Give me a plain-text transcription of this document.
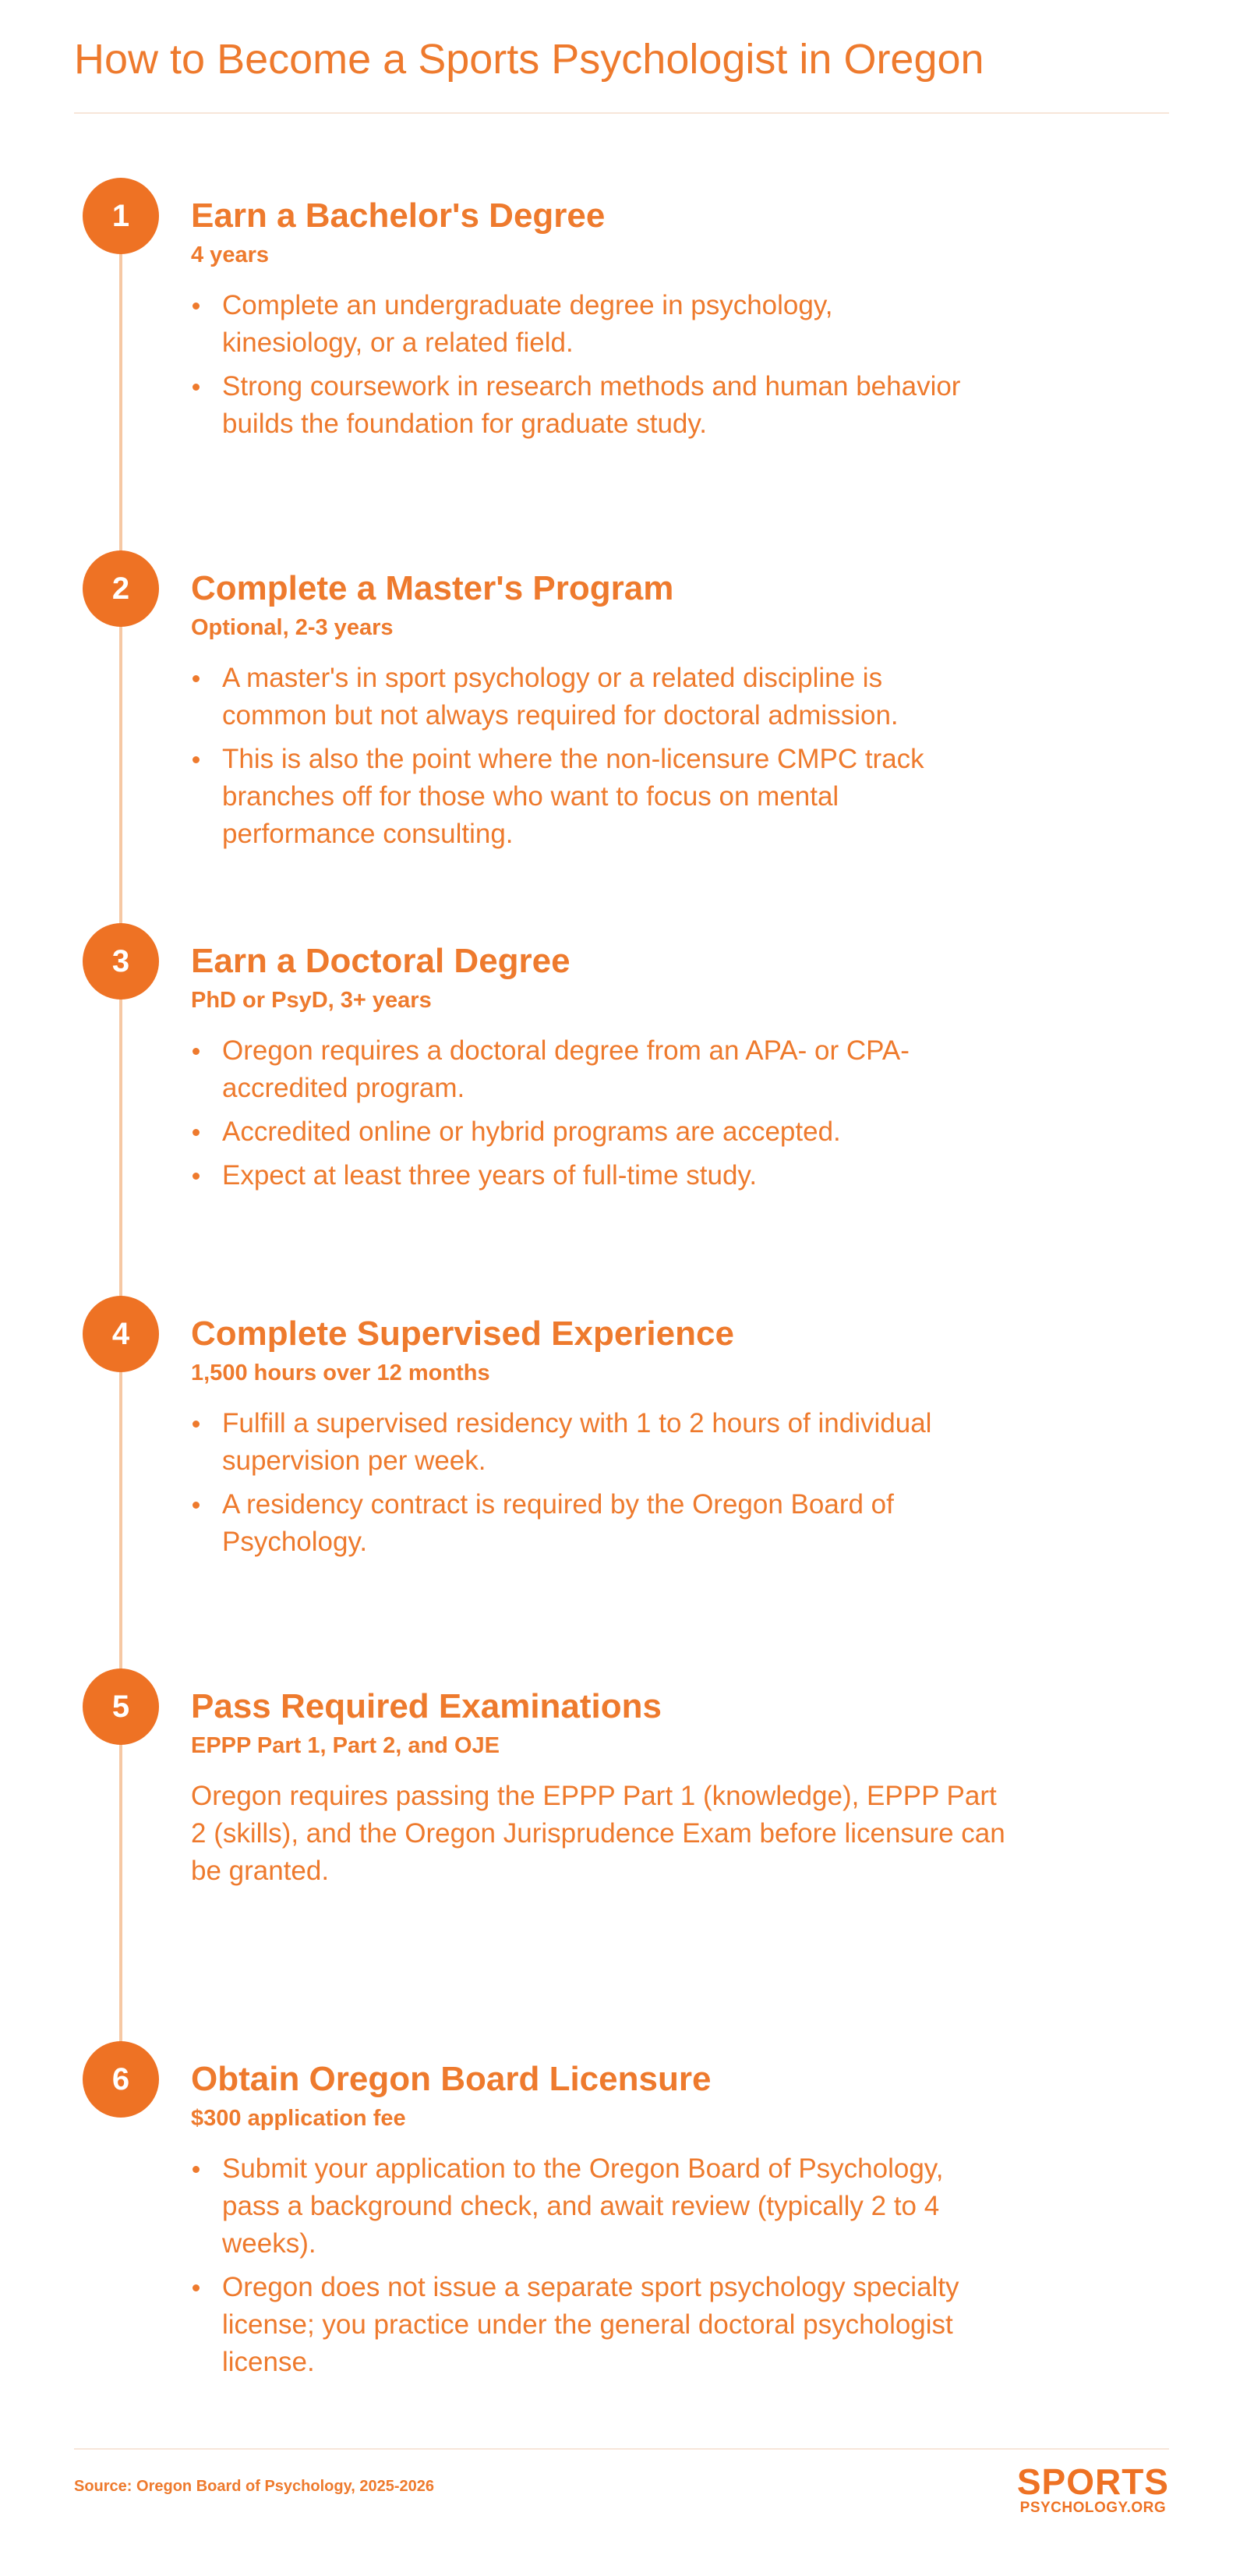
How to Become a Sports Psychologist in Oregon
1	Earn a Bachelor's Degree

4 years

Complete an undergraduate degree in psychology, kinesiology, or a related field.
Strong coursework in research methods and human behavior builds the foundation for graduate study.
2	Complete a Master's Program

Optional, 2-3 years

A master's in sport psychology or a related discipline is common but not always required for doctoral admission.
This is also the point where the non-licensure CMPC track branches off for those who want to focus on mental performance consulting.
3	Earn a Doctoral Degree

PhD or PsyD, 3+ years

Oregon requires a doctoral degree from an APA- or CPA-accredited program.
Accredited online or hybrid programs are accepted.
Expect at least three years of full-time study.
4	Complete Supervised Experience

1,500 hours over 12 months

Fulfill a supervised residency with 1 to 2 hours of individual supervision per week.
A residency contract is required by the Oregon Board of Psychology.
5	Pass Required Examinations

EPPP Part 1, Part 2, and OJE

Oregon requires passing the EPPP Part 1 (knowledge), EPPP Part 2 (skills), and the Oregon Jurisprudence Exam before licensure can be granted.

6	Obtain Oregon Board Licensure

$300 application fee

Submit your application to the Oregon Board of Psychology, pass a background check, and await review (typically 2 to 4 weeks).
Oregon does not issue a separate sport psychology specialty license; you practice under the general doctoral psychologist license.
Source: Oregon Board of Psychology, 2025-2026	SPORTS
PSYCHOLOGY.ORG
